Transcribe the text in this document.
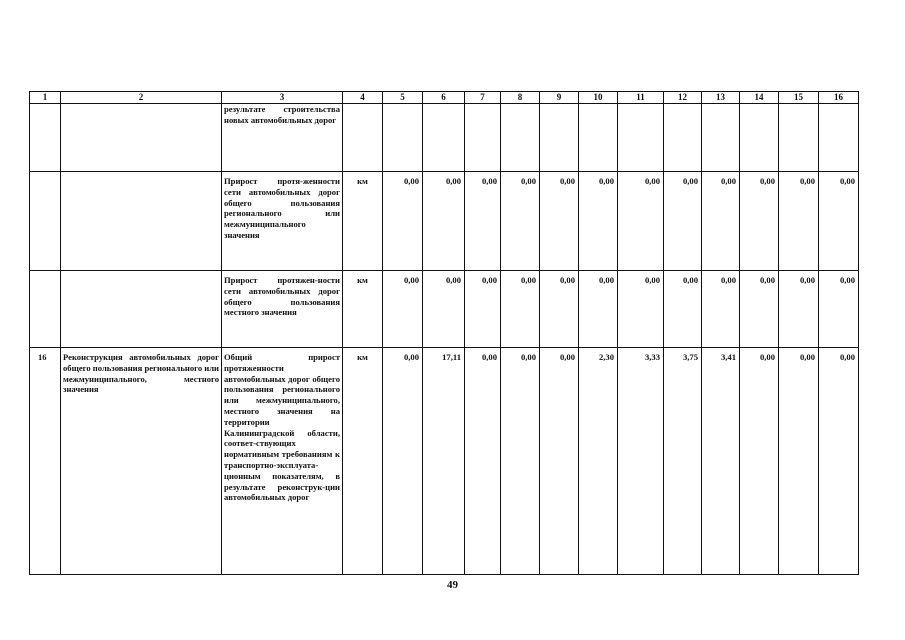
1	2	3	4	5	6	7	8	9	10	11	12	13	14	15	16
		результате строительства новых автомобильных дорог													
		Прирост протя-женности сети автомобильных дорог общего пользования регионального или межмуниципального значения	км	0,00	0,00	0,00	0,00	0,00	0,00	0,00	0,00	0,00	0,00	0,00	0,00
		Прирост протяжен-ности сети автомобильных дорог общего пользования местного значения	км	0,00	0,00	0,00	0,00	0,00	0,00	0,00	0,00	0,00	0,00	0,00	0,00
16	Реконструкция автомобильных дорог общего пользования регионального или межмуниципального, местного значения	Общий прирост протяженности автомобильных дорог общего пользования регионального или межмуниципального, местного значения на территории Калининградской области, соответ-ствующих нормативным требованиям к транспортно-эксплуата-ционным показателям, в результате реконструк-ции автомобильных дорог	км	0,00	17,11	0,00	0,00	0,00	2,30	3,33	3,75	3,41	0,00	0,00	0,00
49
